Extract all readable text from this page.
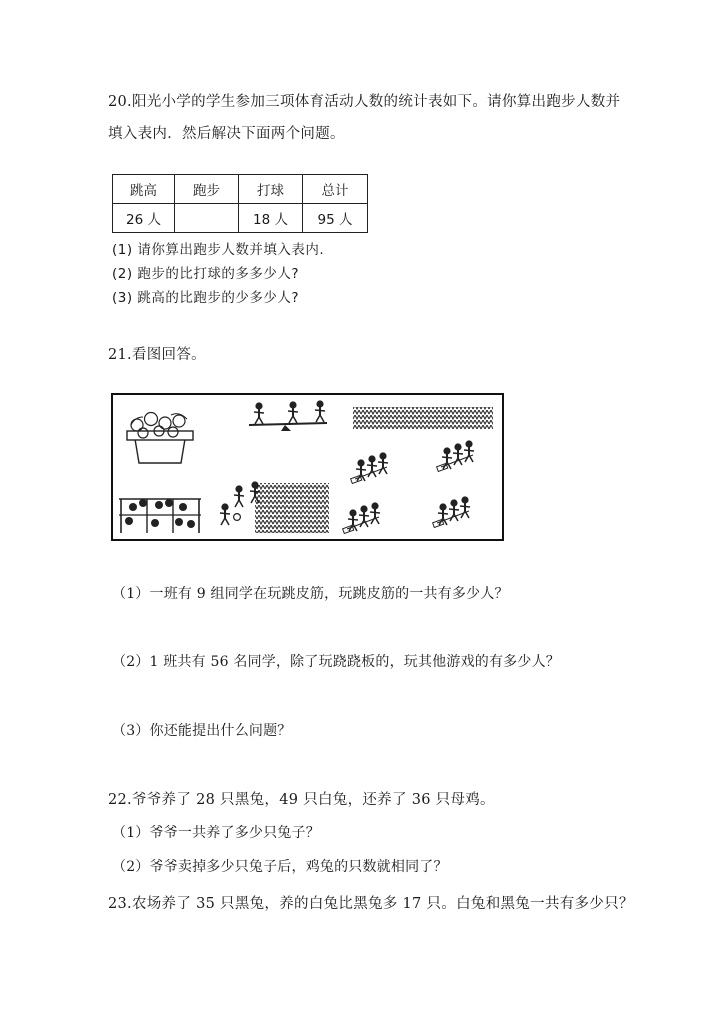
20.阳光小学的学生参加三项体育活动人数的统计表如下。请你算出跑步人数并
填入表内．然后解决下面两个问题。
跳高	跑步	打球	总计
26 人		18 人	95 人
(1) 请你算出跑步人数并填入表内.
(2) 跑步的比打球的多多少人?
(3) 跳高的比跑步的少多少人?
21.看图回答。
（1）一班有 9 组同学在玩跳皮筋，玩跳皮筋的一共有多少人？
（2）1 班共有 56 名同学，除了玩跷跷板的，玩其他游戏的有多少人？
（3）你还能提出什么问题？
22.爷爷养了 28 只黑兔，49 只白兔，还养了 36 只母鸡。
（1）爷爷一共养了多少只兔子？
（2）爷爷卖掉多少只兔子后，鸡兔的只数就相同了？
23.农场养了 35 只黑兔，养的白兔比黑兔多 17 只。白兔和黑兔一共有多少只？
